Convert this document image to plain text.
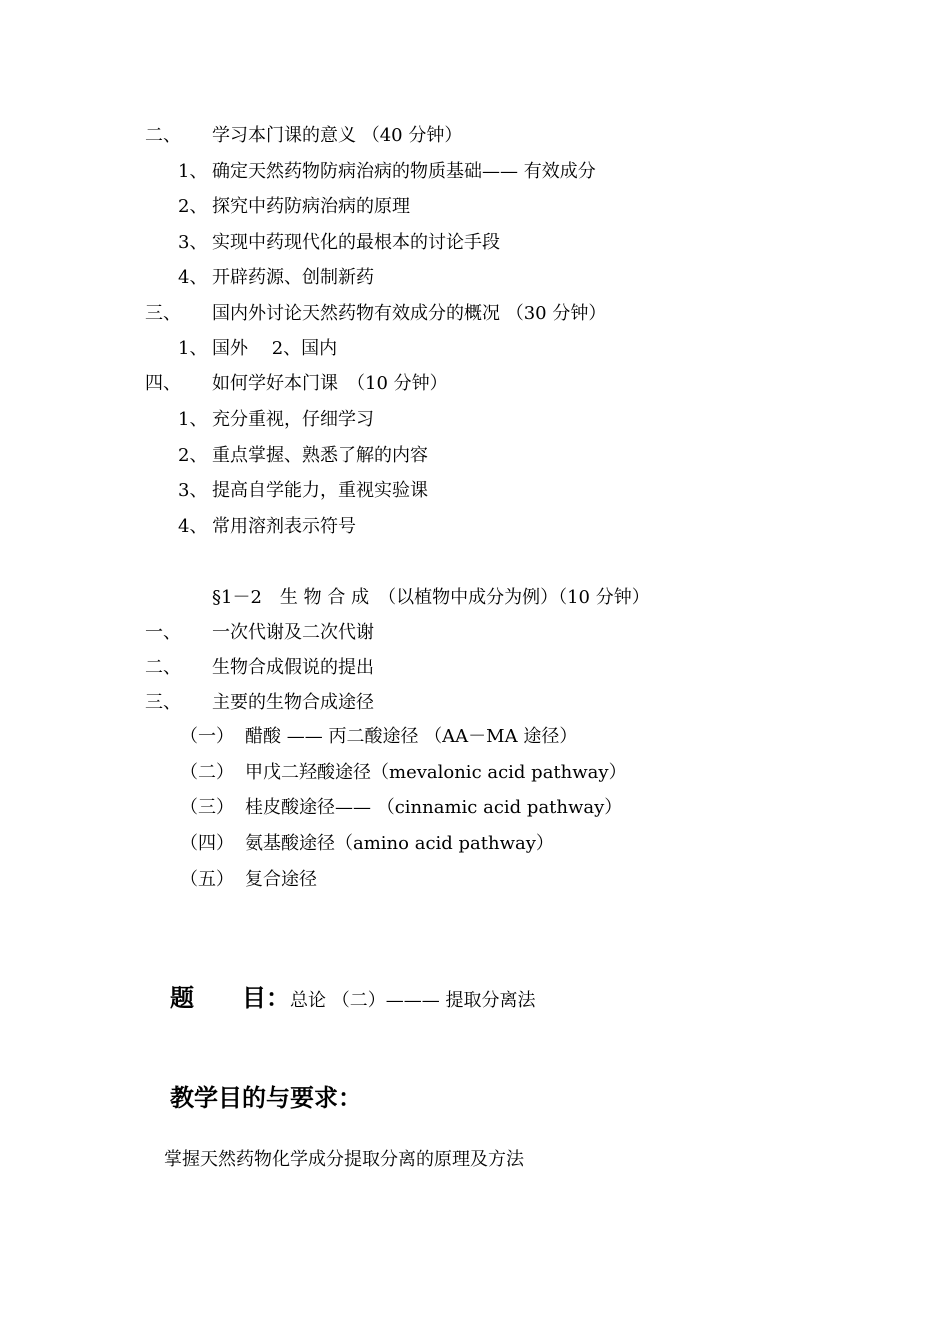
二、 学习本门课的意义 （40 分钟）
1、 确定天然药物防病治病的物质基础—— 有效成分
2、 探究中药防病治病的原理
3、 实现中药现代化的最根本的讨论手段
4、 开辟药源、创制新药
三、 国内外讨论天然药物有效成分的概况 （30 分钟）
1、 国外　 2、国内
四、 如何学好本门课　（10 分钟）
1、 充分重视，仔细学习
2、 重点掌握、熟悉了解的内容
3、 提高自学能力，重视实验课
4、 常用溶剂表示符号
§1－2　生 物 合 成　（以植物中成分为例）（10 分钟）
一、 一次代谢及二次代谢
二、 生物合成假说的提出
三、 主要的生物合成途径
（一） 醋酸 —— 丙二酸途径 （AA－MA 途径）
（二） 甲戊二羟酸途径（mevalonic acid pathway）
（三） 桂皮酸途径—— （cinnamic acid pathway）
（四） 氨基酸途径（amino acid pathway）
（五） 复合途径
题　　目：总论 （二）——— 提取分离法
教学目的与要求：
掌握天然药物化学成分提取分离的原理及方法
